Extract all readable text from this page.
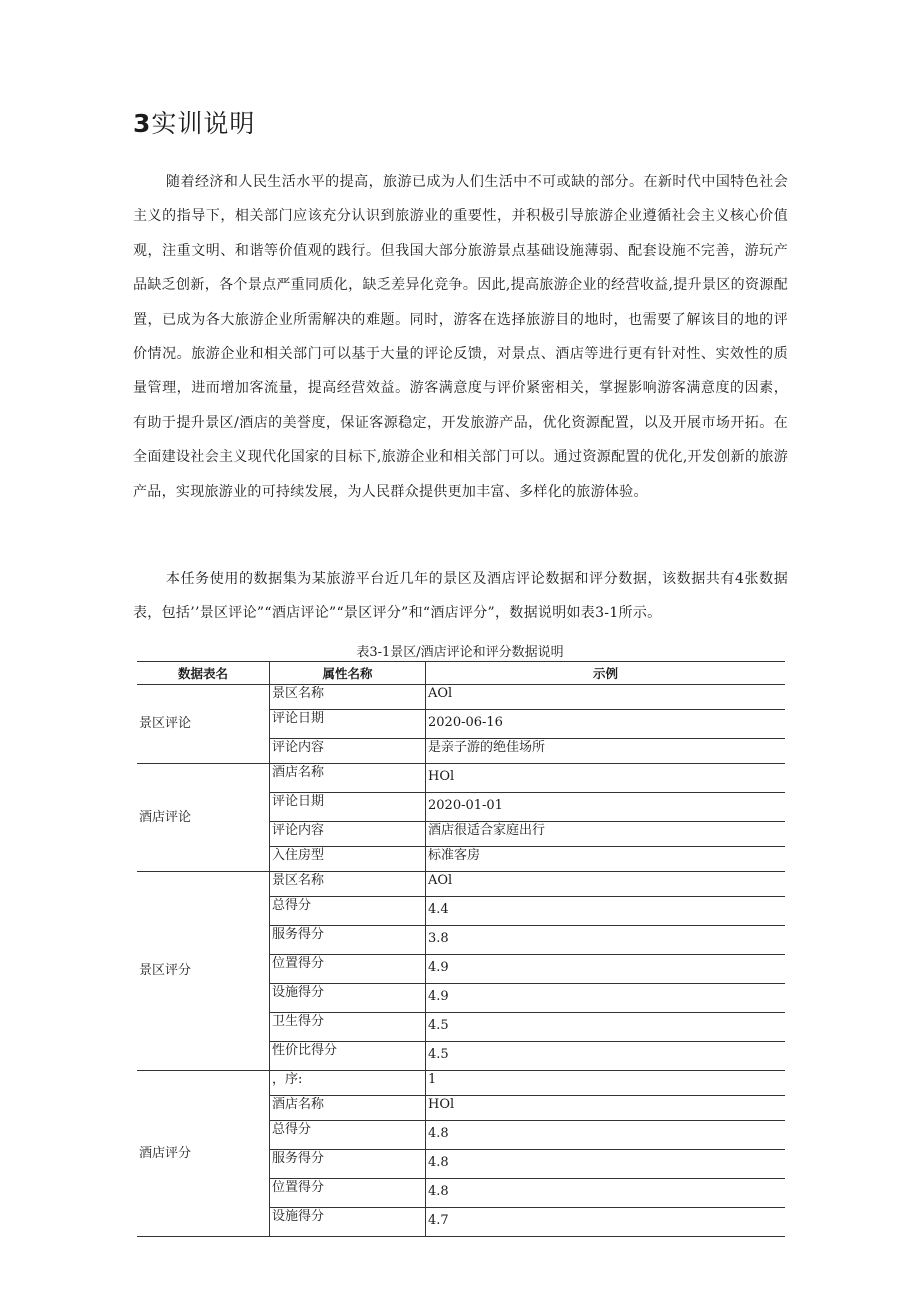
3实训说明

随着经济和人民生活水平的提高，旅游已成为人们生活中不可或缺的部分。在新时代中国特色社会主义的指导下，相关部门应该充分认识到旅游业的重要性，并积极引导旅游企业遵循社会主义核心价值观，注重文明、和谐等价值观的践行。但我国大部分旅游景点基础设施薄弱、配套设施不完善，游玩产品缺乏创新，各个景点严重同质化，缺乏差异化竞争。因此,提高旅游企业的经营收益,提升景区的资源配置，已成为各大旅游企业所需解决的难题。同时，游客在选择旅游目的地时，也需要了解该目的地的评价情况。旅游企业和相关部门可以基于大量的评论反馈，对景点、酒店等进行更有针对性、实效性的质量管理，进而增加客流量，提高经营效益。游客满意度与评价紧密相关，掌握影响游客满意度的因素，有助于提升景区/酒店的美誉度，保证客源稳定，开发旅游产品，优化资源配置，以及开展市场开拓。在全面建设社会主义现代化国家的目标下,旅游企业和相关部门可以。通过资源配置的优化,开发创新的旅游产品，实现旅游业的可持续发展，为人民群众提供更加丰富、多样化的旅游体验。

本任务使用的数据集为某旅游平台近几年的景区及酒店评论数据和评分数据，该数据共有4张数据表，包括’’景区评论”“酒店评论”“景区评分”和“酒店评分”，数据说明如表3-1所示。

表3-1景区/酒店评论和评分数据说明

数据表名	属性名称	示例
景区评论	景区名称	AOl
	评论日期	2020-06-16
	评论内容	是亲子游的绝佳场所
酒店评论	酒店名称	HOl
	评论日期	2020-01-01
	评论内容	酒店很适合家庭出行
	入住房型	标准客房
景区评分	景区名称	AOl
	总得分	4.4
	服务得分	3.8
	位置得分	4.9
	设施得分	4.9
	卫生得分	4.5
	性价比得分	4.5
酒店评分	，序:	1
	酒店名称	HOl
	总得分	4.8
	服务得分	4.8
	位置得分	4.8
	设施得分	4.7
